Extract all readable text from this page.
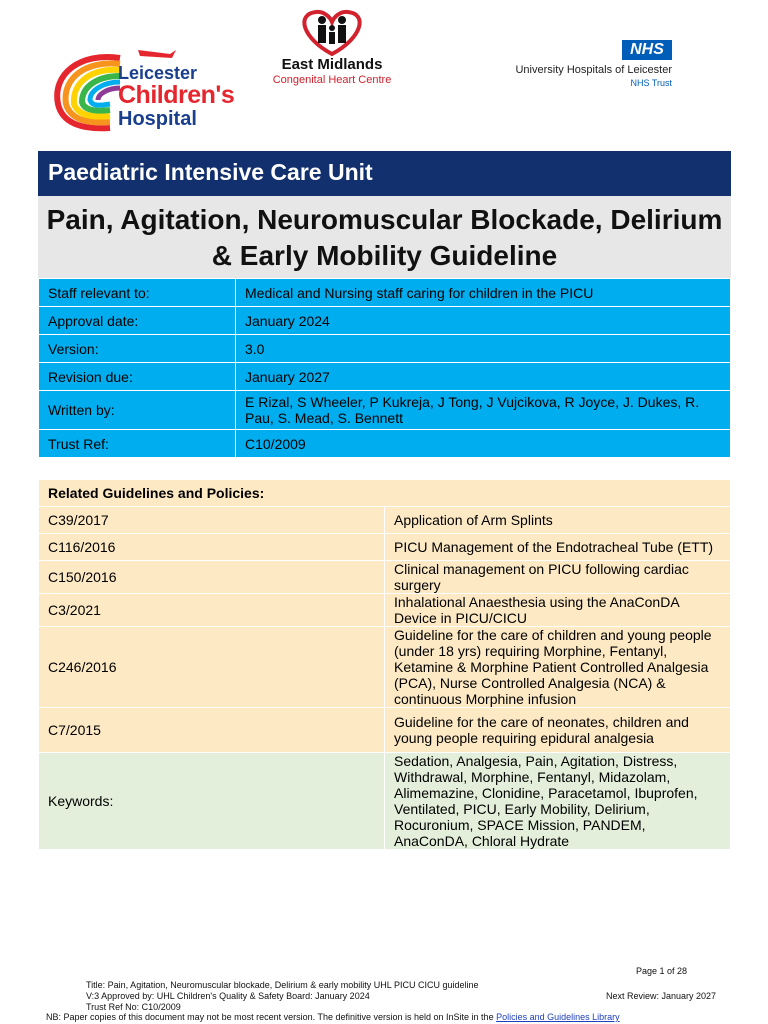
Leicester
Children's
Hospital
East Midlands
Congenital Heart Centre
NHS
University Hospitals of Leicester
NHS Trust
Paediatric Intensive Care Unit
Pain, Agitation, Neuromuscular Blockade, Delirium
& Early Mobility Guideline
Staff relevant to:	Medical and Nursing staff caring for children in the PICU
Approval date:	January 2024
Version:	3.0
Revision due:	January 2027
Written by:	E Rizal, S Wheeler, P Kukreja, J Tong, J Vujcikova, R Joyce, J. Dukes, R. Pau, S. Mead, S. Bennett
Trust Ref:	C10/2009
Related Guidelines and Policies:	
C39/2017	Application of Arm Splints
C116/2016	PICU Management of the Endotracheal Tube (ETT)
C150/2016	Clinical management on PICU following cardiac surgery
C3/2021	Inhalational Anaesthesia using the AnaConDA Device in PICU/CICU
C246/2016	Guideline for the care of children and young people (under 18 yrs) requiring Morphine, Fentanyl, Ketamine & Morphine Patient Controlled Analgesia (PCA), Nurse Controlled Analgesia (NCA) & continuous Morphine infusion
C7/2015	Guideline for the care of neonates, children and young people requiring epidural analgesia
Keywords:	Sedation, Analgesia, Pain, Agitation, Distress, Withdrawal, Morphine, Fentanyl, Midazolam, Alimemazine, Clonidine, Paracetamol, Ibuprofen, Ventilated, PICU, Early Mobility, Delirium, Rocuronium, SPACE Mission, PANDEM, AnaConDA, Chloral Hydrate
Page 1 of 28
Title: Pain, Agitation, Neuromuscular blockade, Delirium & early mobility UHL PICU CICU guideline
V:3 Approved by: UHL Children's Quality & Safety Board: January 2024	Next Review: January 2027
Trust Ref No: C10/2009
NB: Paper copies of this document may not be most recent version. The definitive version is held on InSite in the Policies and Guidelines Library
